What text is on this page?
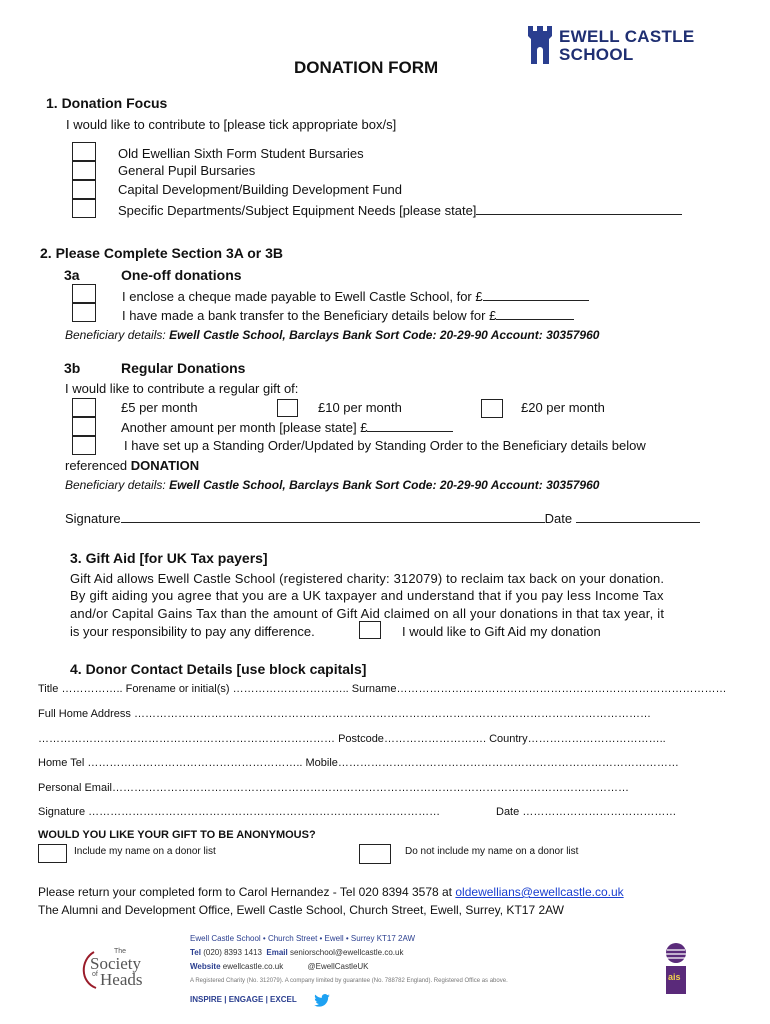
EWELL CASTLE
SCHOOL
DONATION FORM
1. Donation Focus
I would like to contribute to [please tick appropriate box/s]
Old Ewellian Sixth Form Student Bursaries
General Pupil Bursaries
Capital Development/Building Development Fund
Specific Departments/Subject Equipment Needs [please state]
2. Please Complete Section 3A or 3B
3a	One-off donations
I enclose a cheque made payable to Ewell Castle School, for £
I have made a bank transfer to the Beneficiary details below for £
Beneficiary details: Ewell Castle School, Barclays Bank Sort Code: 20-29-90 Account: 30357960
3b	Regular Donations
I would like to contribute a regular gift of:
£5 per month	£10 per month	£20 per month
Another amount per month [please state] £
I have set up a Standing Order/Updated by Standing Order to the Beneficiary details below
referenced DONATION
Beneficiary details: Ewell Castle School, Barclays Bank Sort Code: 20-29-90 Account: 30357960
Signature	Date
3. Gift Aid [for UK Tax payers]
Gift Aid allows Ewell Castle School (registered charity: 312079) to reclaim tax back on your donation.
By gift aiding you agree that you are a UK taxpayer and understand that if you pay less Income Tax
and/or Capital Gains Tax than the amount of Gift Aid claimed on all your donations in that tax year, it
is your responsibility to pay any difference.	I would like to Gift Aid my donation
4. Donor Contact Details [use block capitals]
Title …………….. Forename or initial(s) ………………………….. Surname………………………………………………………………………………
Full Home Address ……………………………………………………………………………………………………………………………
……………………………………………………………………… Postcode………………………. Country………………………………..
Home Tel ………………………………………………….. Mobile…………………………………………………………………………………
Personal Email……………………………………………………………………………………………………………………………
Signature ……………………………………………………………………………………	Date ……………………………………
WOULD YOU LIKE YOUR GIFT TO BE ANONYMOUS?
Include my name on a donor list	Do not include my name on a donor list
Please return your completed form to Carol Hernandez - Tel 020 8394 3578 at oldewellians@ewellcastle.co.uk
The Alumni and Development Office, Ewell Castle School, Church Street, Ewell, Surrey, KT17 2AW
The
Society
of Heads
Ewell Castle School • Church Street • Ewell • Surrey KT17 2AW
Tel (020) 8393 1413 Email seniorschool@ewellcastle.co.uk
Website ewellcastle.co.uk	@EwellCastleUK
A Registered Charity (No. 312079). A company limited by guarantee (No. 788782 England). Registered Office as above.
INSPIRE | ENGAGE | EXCEL
ais
